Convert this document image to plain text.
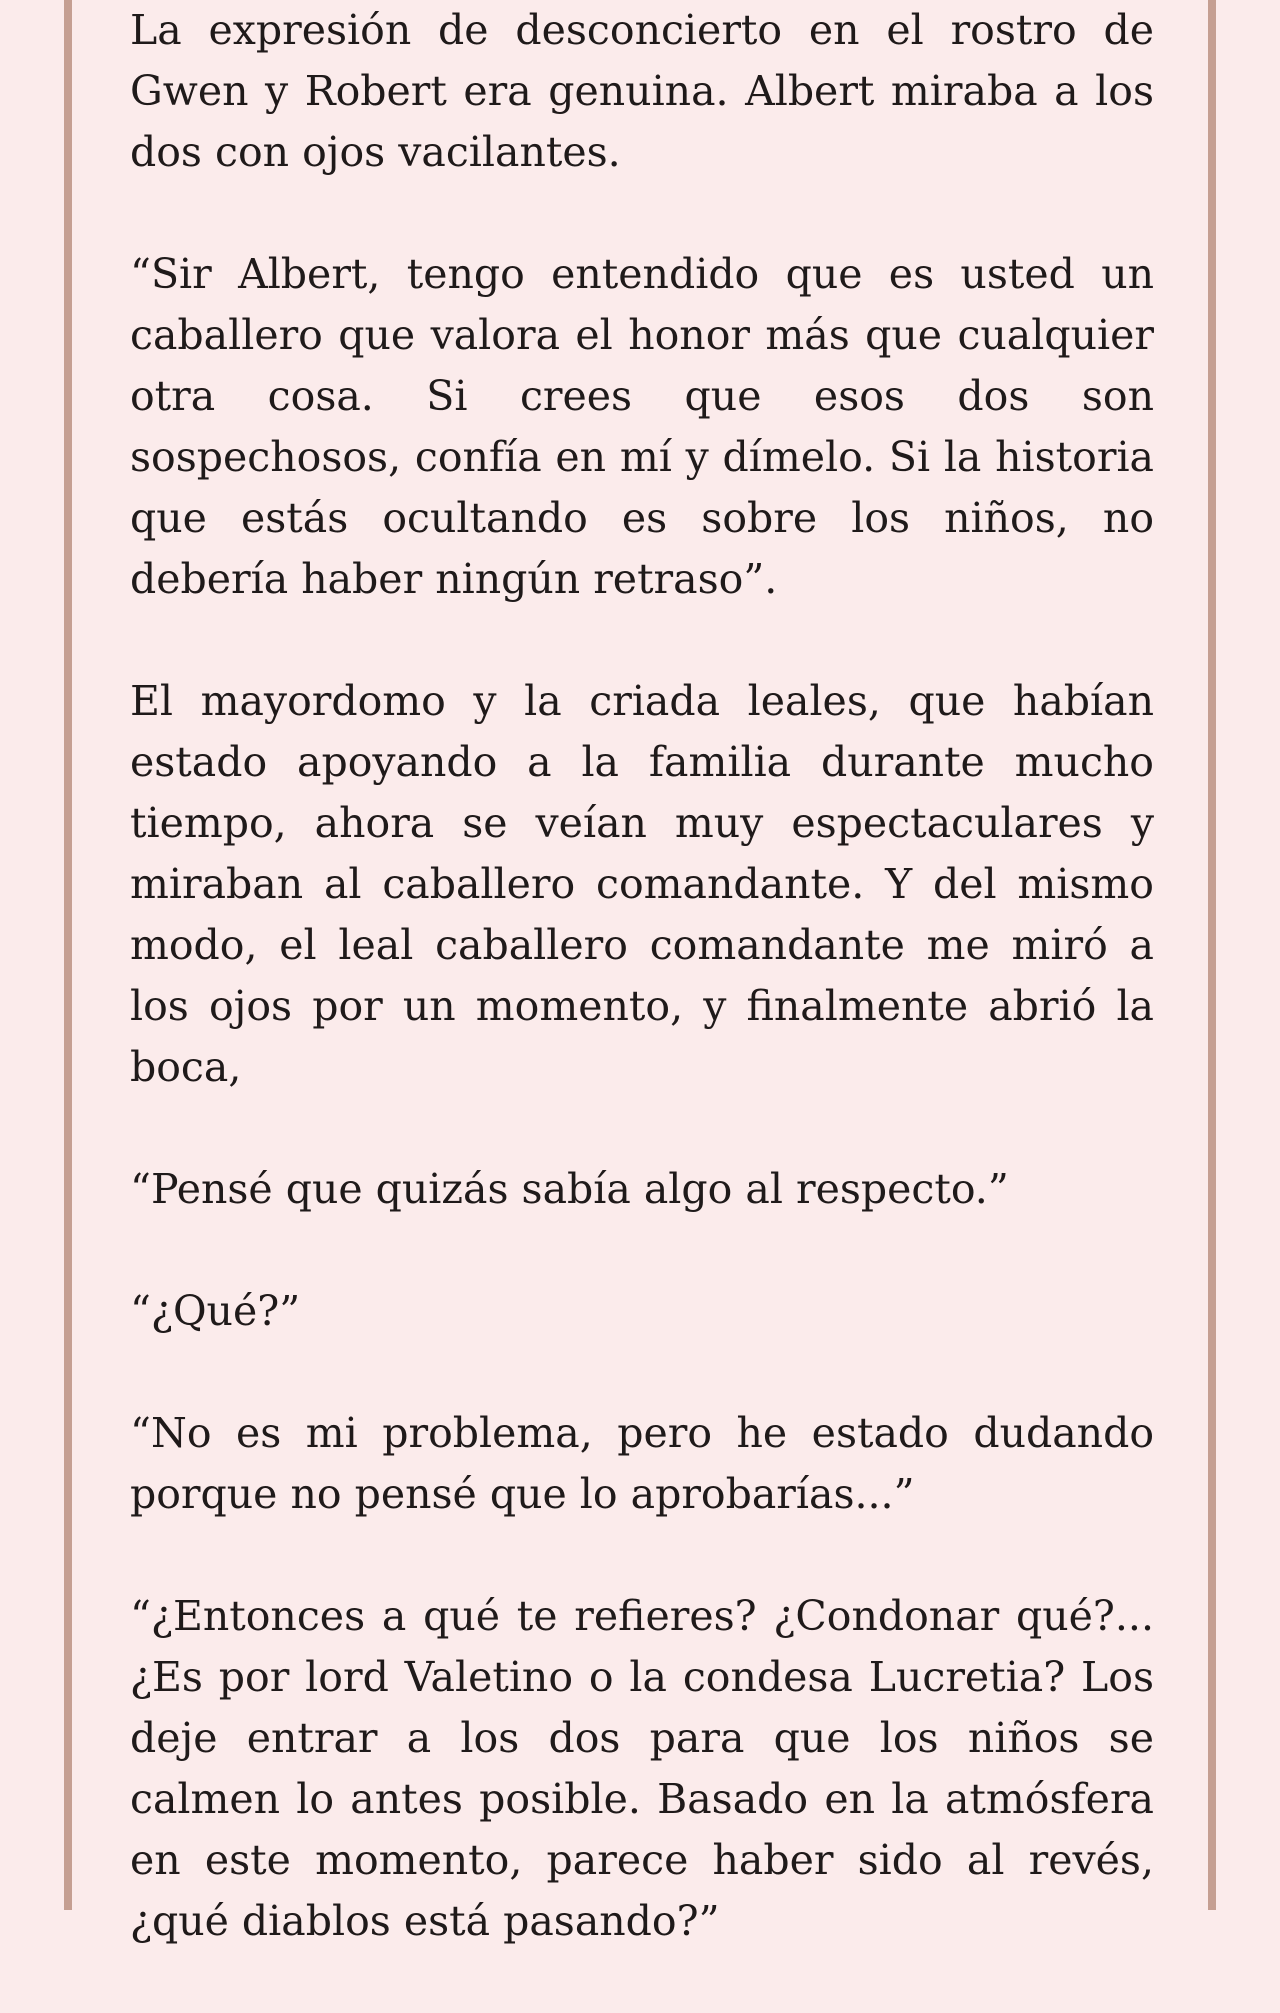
La expresión de desconcierto en el rostro de Gwen y Robert era genuina. Albert miraba a los dos con ojos vacilantes.

“Sir Albert, tengo entendido que es usted un caballero que valora el honor más que cualquier otra cosa. Si crees que esos dos son sospechosos, confía en mí y dímelo. Si la historia que estás ocultando es sobre los niños, no debería haber ningún retraso”.

El mayordomo y la criada leales, que habían estado apoyando a la familia durante mucho tiempo, ahora se veían muy espectaculares y miraban al caballero comandante. Y del mismo modo, el leal caballero comandante me miró a los ojos por un momento, y finalmente abrió la boca,

“Pensé que quizás sabía algo al respecto.”

“¿Qué?”

“No es mi problema, pero he estado dudando porque no pensé que lo aprobarías...”

“¿Entonces a qué te refieres? ¿Condonar qué?... ¿Es por lord Valetino o la condesa Lucretia? Los deje entrar a los dos para que los niños se calmen lo antes posible. Basado en la atmósfera en este momento, parece haber sido al revés, ¿qué diablos está pasando?”
